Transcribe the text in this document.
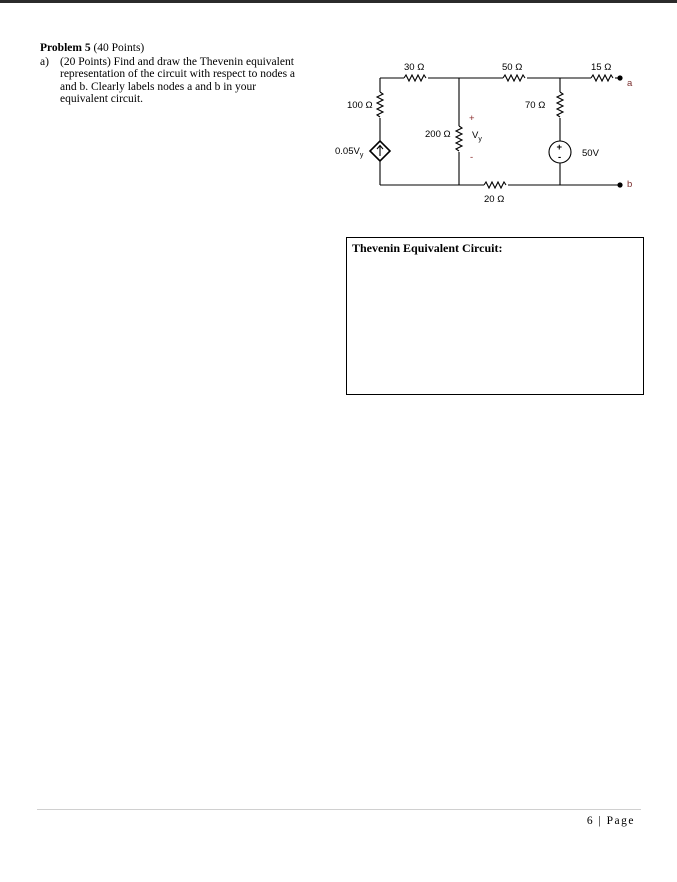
Problem 5 (40 Points)
a) (20 Points) Find and draw the Thevenin equivalent
representation of the circuit with respect to nodes a
and b. Clearly labels nodes a and b in your
equivalent circuit.
+
-
30 Ω	50 Ω	15 Ω
100 Ω	70 Ω
200 Ω
+
$V_y$
-
$0.05V_y$	50V
20 Ω
a
b
Thevenin Equivalent Circuit:
6 | Page
